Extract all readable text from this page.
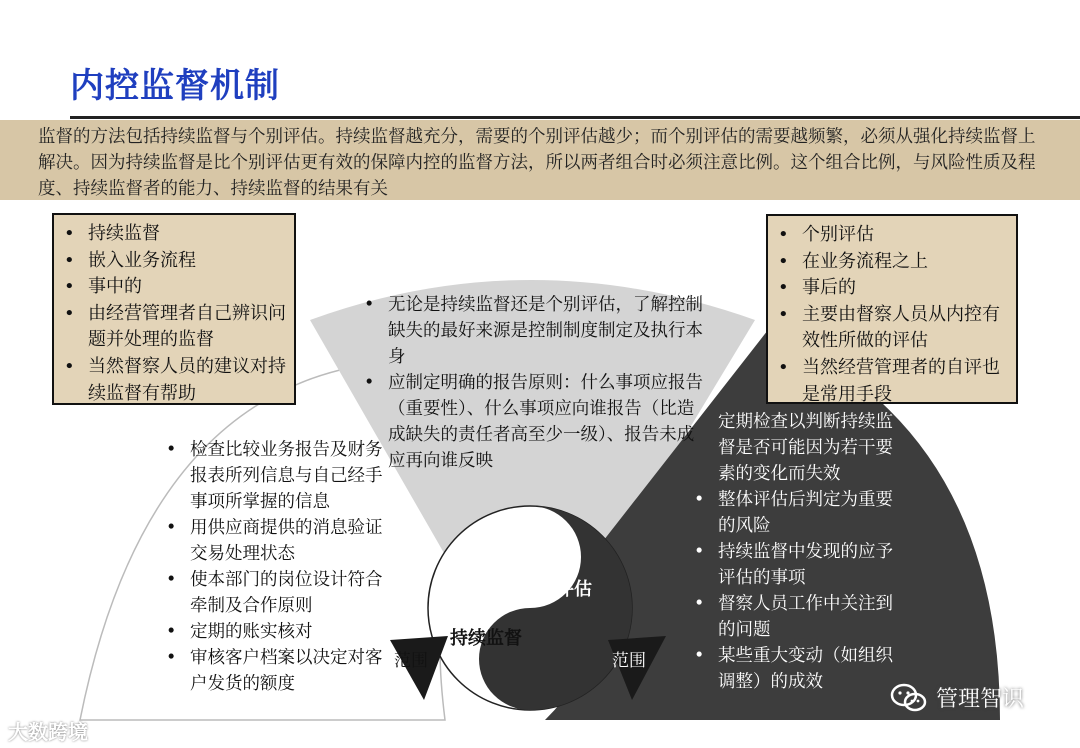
内控监督机制
监督的方法包括持续监督与个别评估。持续监督越充分，需要的个别评估越少；而个别评估的需要越频繁，必须从强化持续监督上解决。因为持续监督是比个别评估更有效的保障内控的监督方法，所以两者组合时必须注意比例。这个组合比例，与风险性质及程度、持续监督者的能力、持续监督的结果有关
• 持续监督
• 嵌入业务流程
• 事中的
• 由经营管理者自己辨识问题并处理的监督
• 当然督察人员的建议对持续监督有帮助
• 个别评估
• 在业务流程之上
• 事后的
• 主要由督察人员从内控有效性所做的评估
• 当然经营管理者的自评也是常用手段
• 无论是持续监督还是个别评估，了解控制缺失的最好来源是控制制度制定及执行本身
• 应制定明确的报告原则：什么事项应报告（重要性）、什么事项应向谁报告（比造成缺失的责任者高至少一级）、报告未成应再向谁反映
• 检查比较业务报告及财务报表所列信息与自己经手事项所掌握的信息
• 用供应商提供的消息验证交易处理状态
• 使本部门的岗位设计符合牵制及合作原则
• 定期的账实核对
• 审核客户档案以决定对客户发货的额度
定期检查以判断持续监督是否可能因为若干要素的变化而失效
• 整体评估后判定为重要的风险
• 持续监督中发现的应予评估的事项
• 督察人员工作中关注到的问题
• 某些重大变动（如组织调整）的成效
个别评估
持续监督
范围	范围
大数跨境
管理智识
